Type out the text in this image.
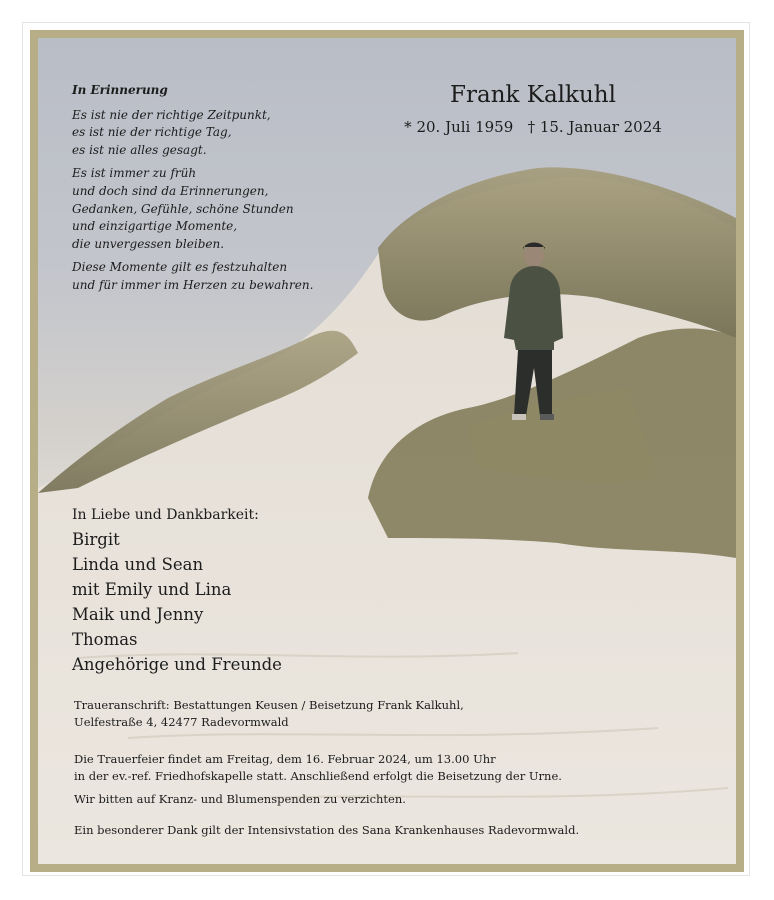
In Erinnerung

Es ist nie der richtige Zeitpunkt,
es ist nie der richtige Tag,
es ist nie alles gesagt.

Es ist immer zu früh
und doch sind da Erinnerungen,
Gedanken, Gefühle, schöne Stunden
und einzigartige Momente,
die unvergessen bleiben.

Diese Momente gilt es festzuhalten
und für immer im Herzen zu bewahren.

Frank Kalkuhl
* 20. Juli 1959   † 15. Januar 2024
In Liebe und Dankbarkeit:
Birgit
Linda und Sean
mit Emily und Lina
Maik und Jenny
Thomas
Angehörige und Freunde
Traueranschrift: Bestattungen Keusen / Beisetzung Frank Kalkuhl,
Uelfestraße 4, 42477 Radevormwald
Die Trauerfeier findet am Freitag, dem 16. Februar 2024, um 13.00 Uhr
in der ev.-ref. Friedhofskapelle statt. Anschließend erfolgt die Beisetzung der Urne.
Wir bitten auf Kranz- und Blumenspenden zu verzichten.
Ein besonderer Dank gilt der Intensivstation des Sana Krankenhauses Radevormwald.
